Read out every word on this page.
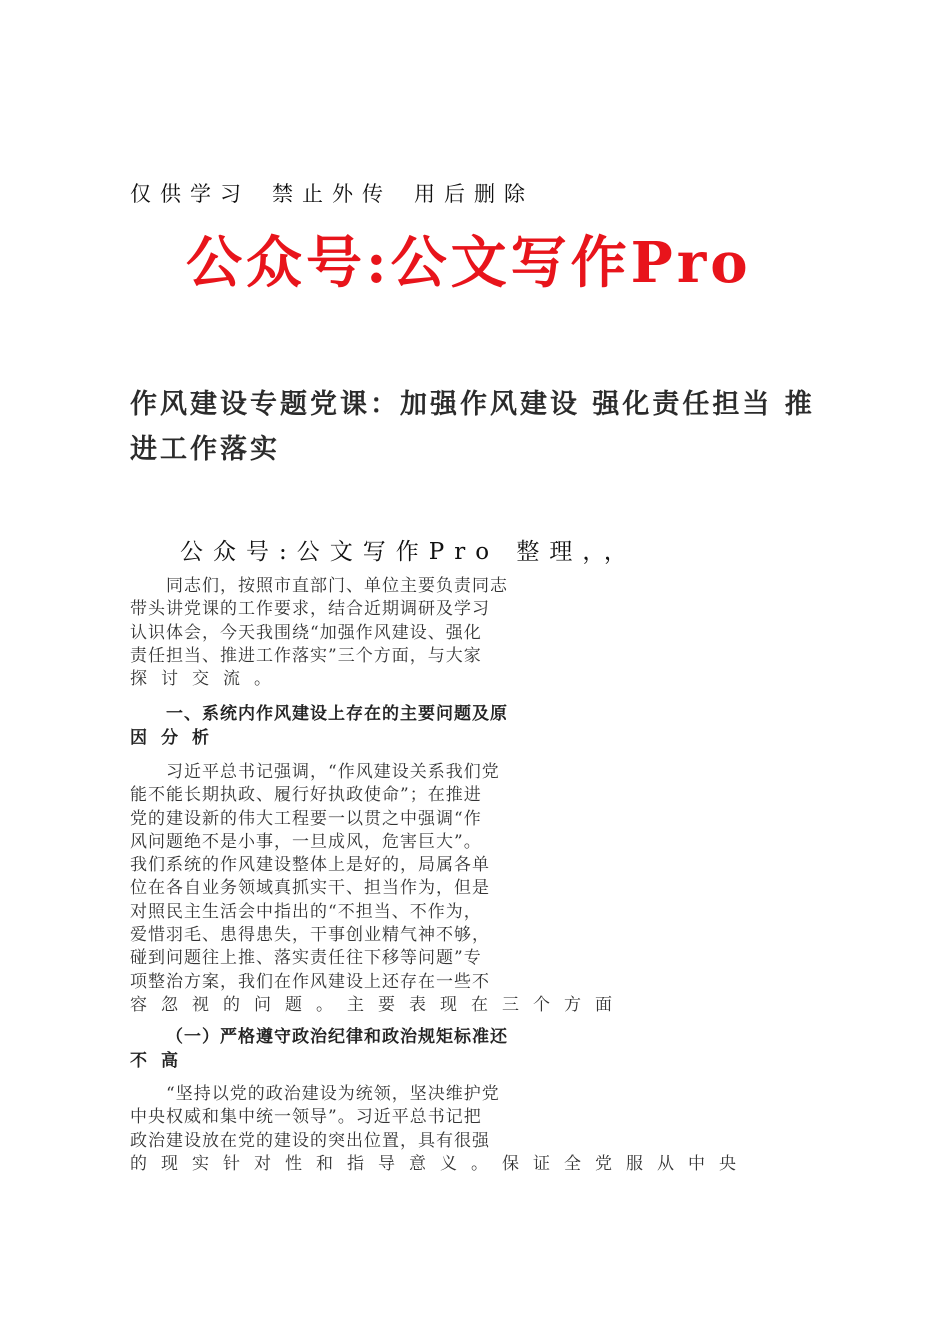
仅供学习 禁止外传 用后删除
公众号:公文写作Pro
作风建设专题党课：加强作风建设 强化责任担当 推进工作落实
公众号:公文写作Pro 整理，，
　　同志们，按照市直部门、单位主要负责同志
带头讲党课的工作要求，结合近期调研及学习
认识体会，今天我围绕“加强作风建设、强化
责任担当、推进工作落实”三个方面，与大家
探讨交流。
　　一、系统内作风建设上存在的主要问题及原
因分析
　　习近平总书记强调，“作风建设关系我们党
能不能长期执政、履行好执政使命”；在推进
党的建设新的伟大工程要一以贯之中强调“作
风问题绝不是小事，一旦成风，危害巨大”。
我们系统的作风建设整体上是好的，局属各单
位在各自业务领域真抓实干、担当作为，但是
对照民主生活会中指出的“不担当、不作为，
爱惜羽毛、患得患失，干事创业精气神不够，
碰到问题往上推、落实责任往下移等问题”专
项整治方案，我们在作风建设上还存在一些不
容忽视的问题。主要表现在三个方面
　　（一）严格遵守政治纪律和政治规矩标准还
不高
　　“坚持以党的政治建设为统领，坚决维护党
中央权威和集中统一领导”。习近平总书记把
政治建设放在党的建设的突出位置，具有很强
的现实针对性和指导意义。保证全党服从中央
